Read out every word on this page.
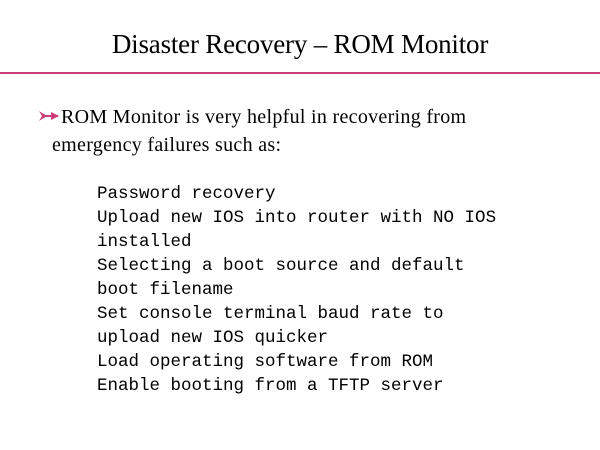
Disaster Recovery – ROM Monitor
ROM Monitor is very helpful in recovering from
emergency failures such as:
Password recovery
Upload new IOS into router with NO IOS
installed
Selecting a boot source and default
boot filename
Set console terminal baud rate to
upload new IOS quicker
Load operating software from ROM
Enable booting from a TFTP server
